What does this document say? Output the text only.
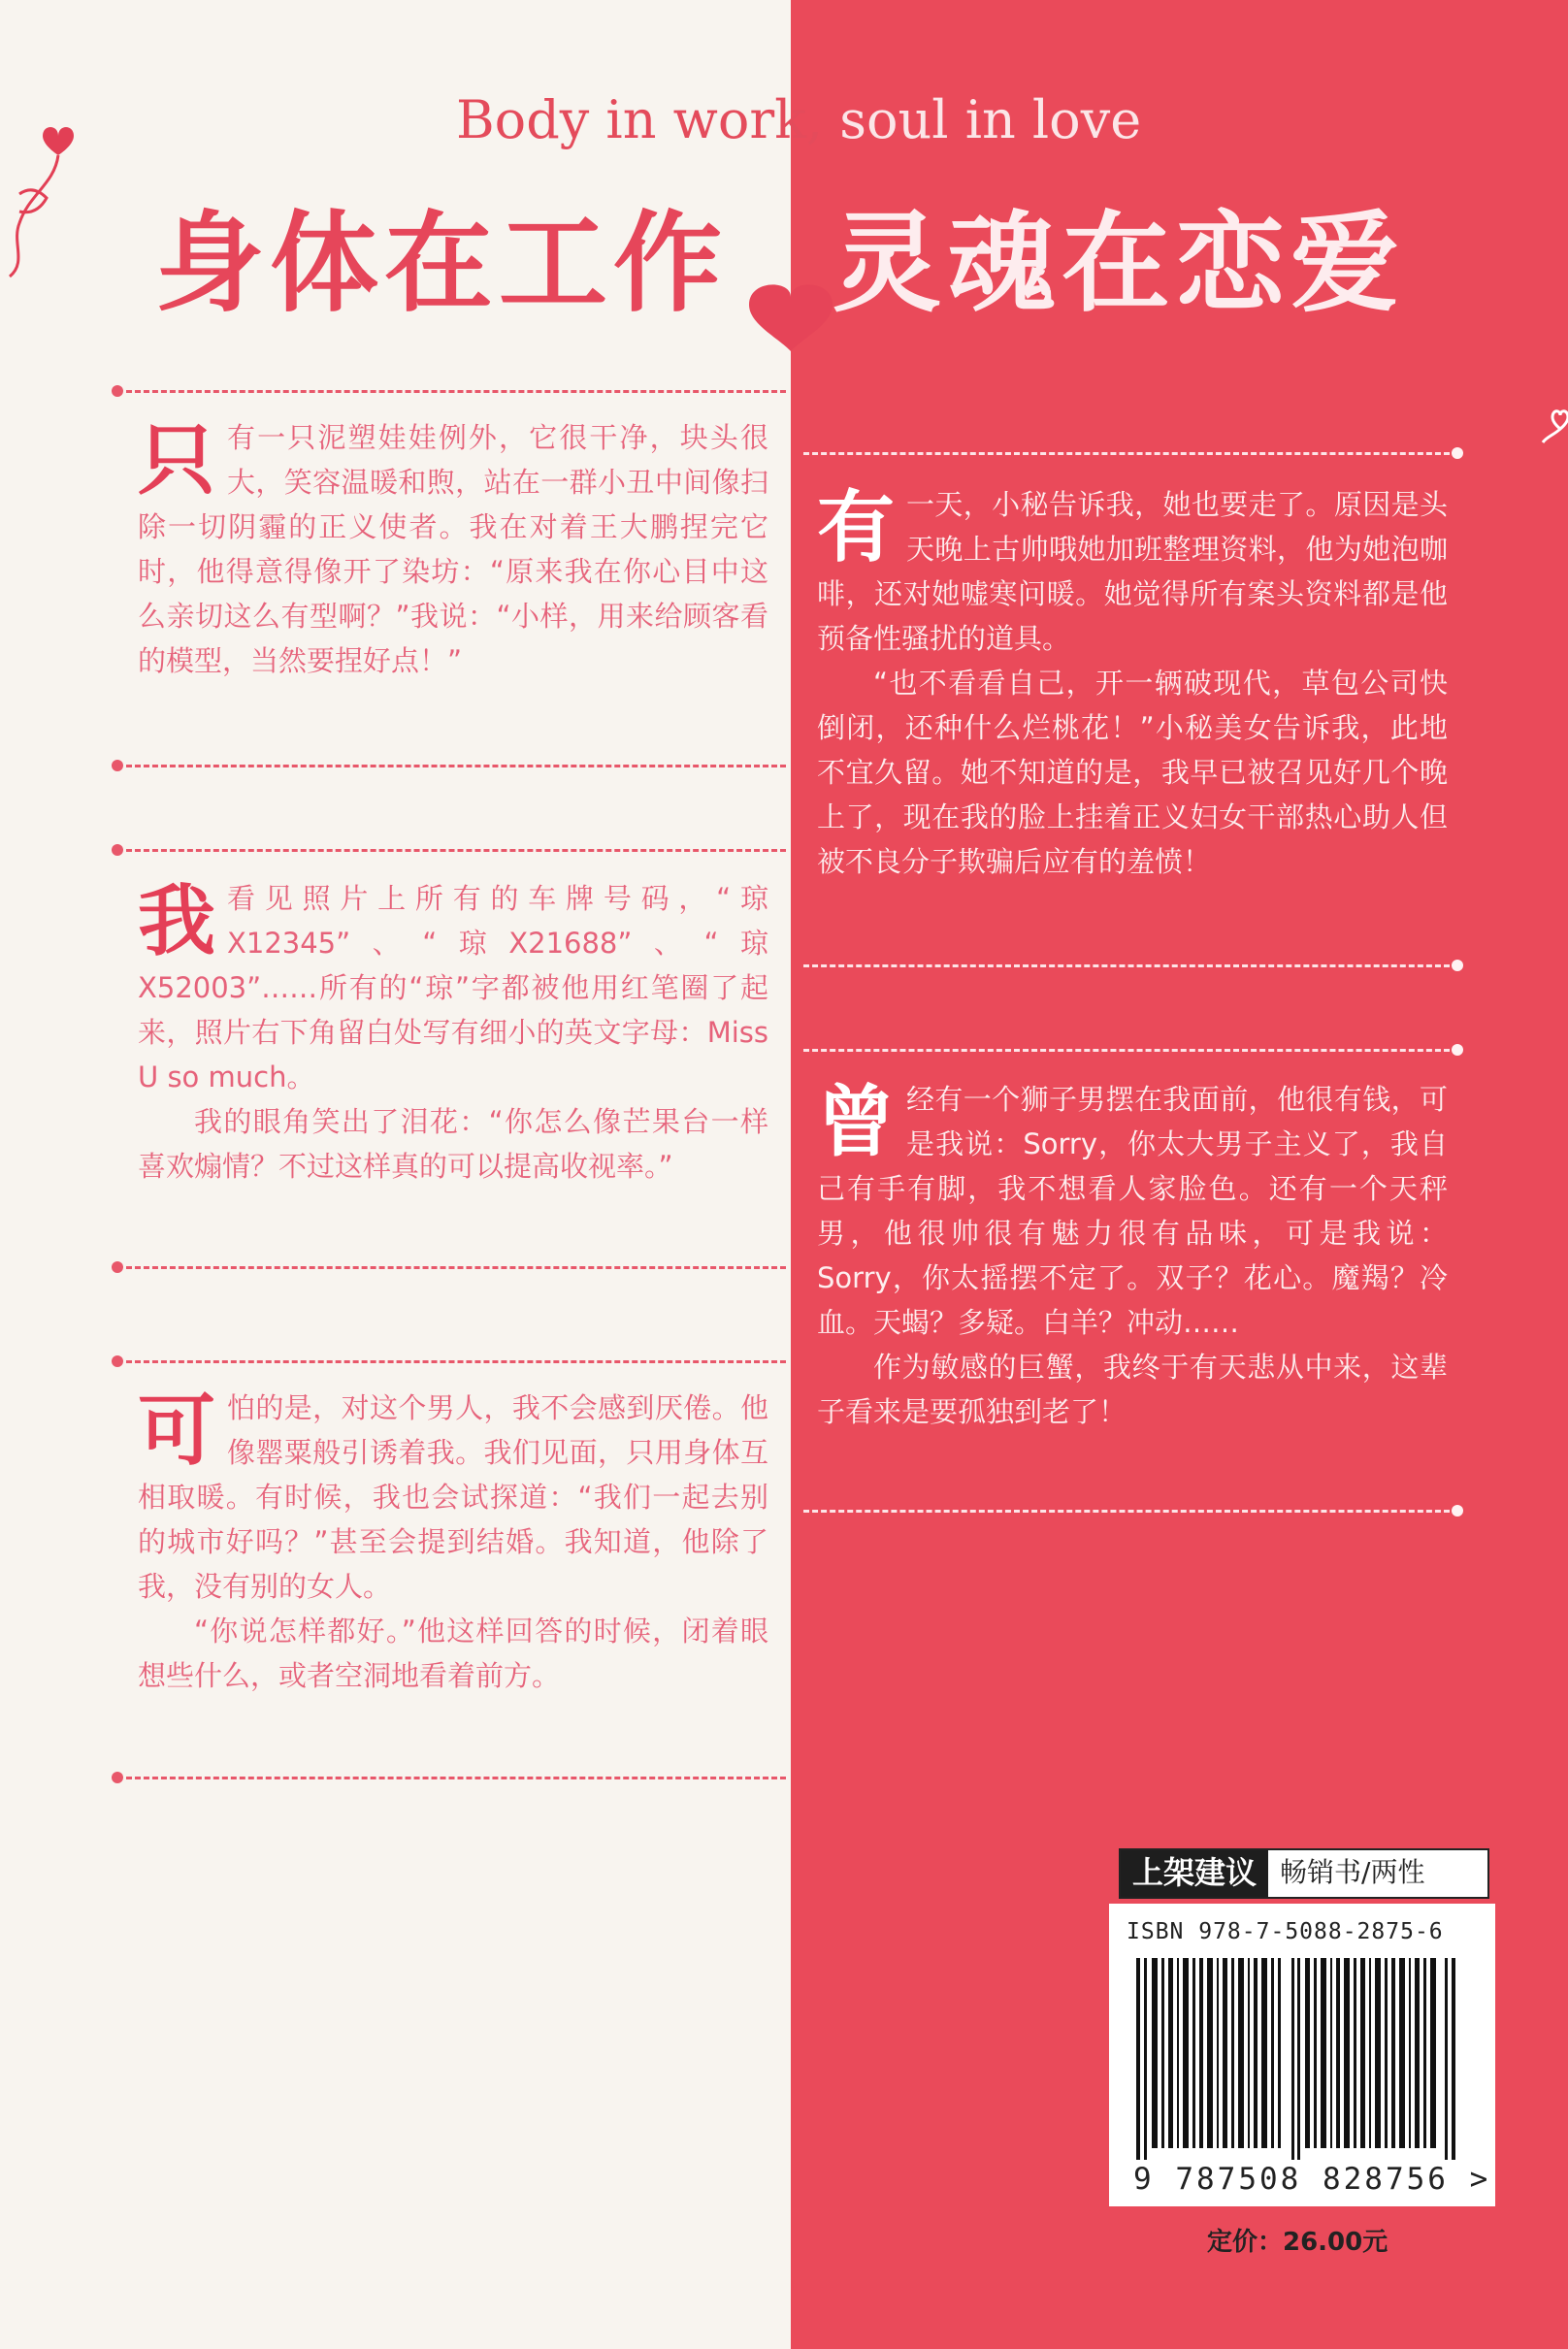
Body in work, soul in love
身体在工作 灵魂在恋爱
只 有一只泥塑娃娃例外，它很干净，块头很大，笑容温暖和煦，站在一群小丑中间像扫除一切阴霾的正义使者。我在对着王大鹏捏完它时，他得意得像开了染坊：“原来我在你心目中这么亲切这么有型啊？”我说：“小样，用来给顾客看的模型，当然要捏好点！”

我 看见照片上所有的车牌号码，“琼X12345”、“琼X21688”、“琼X52003”……所有的“琼”字都被他用红笔圈了起来，照片右下角留白处写有细小的英文字母：Miss U so much。

我的眼角笑出了泪花：“你怎么像芒果台一样喜欢煽情？不过这样真的可以提高收视率。”

可 怕的是，对这个男人，我不会感到厌倦。他像罂粟般引诱着我。我们见面，只用身体互相取暖。有时候，我也会试探道：“我们一起去别的城市好吗？”甚至会提到结婚。我知道，他除了我，没有别的女人。

“你说怎样都好。”他这样回答的时候，闭着眼想些什么，或者空洞地看着前方。

有 一天，小秘告诉我，她也要走了。原因是头天晚上古帅哦她加班整理资料，他为她泡咖啡，还对她嘘寒问暖。她觉得所有案头资料都是他预备性骚扰的道具。

“也不看看自己，开一辆破现代，草包公司快倒闭，还种什么烂桃花！”小秘美女告诉我，此地不宜久留。她不知道的是，我早已被召见好几个晚上了，现在我的脸上挂着正义妇女干部热心助人但被不良分子欺骗后应有的羞愤！

曾 经有一个狮子男摆在我面前，他很有钱，可是我说：Sorry，你太大男子主义了，我自己有手有脚，我不想看人家脸色。还有一个天秤男，他很帅很有魅力很有品味，可是我说：Sorry，你太摇摆不定了。双子？花心。魔羯？冷血。天蝎？多疑。白羊？冲动……

作为敏感的巨蟹，我终于有天悲从中来，这辈子看来是要孤独到老了！

上架建议 畅销书/两性
ISBN 978-7-5088-2875-6
9 787508 828756 >
定价：26.00元
